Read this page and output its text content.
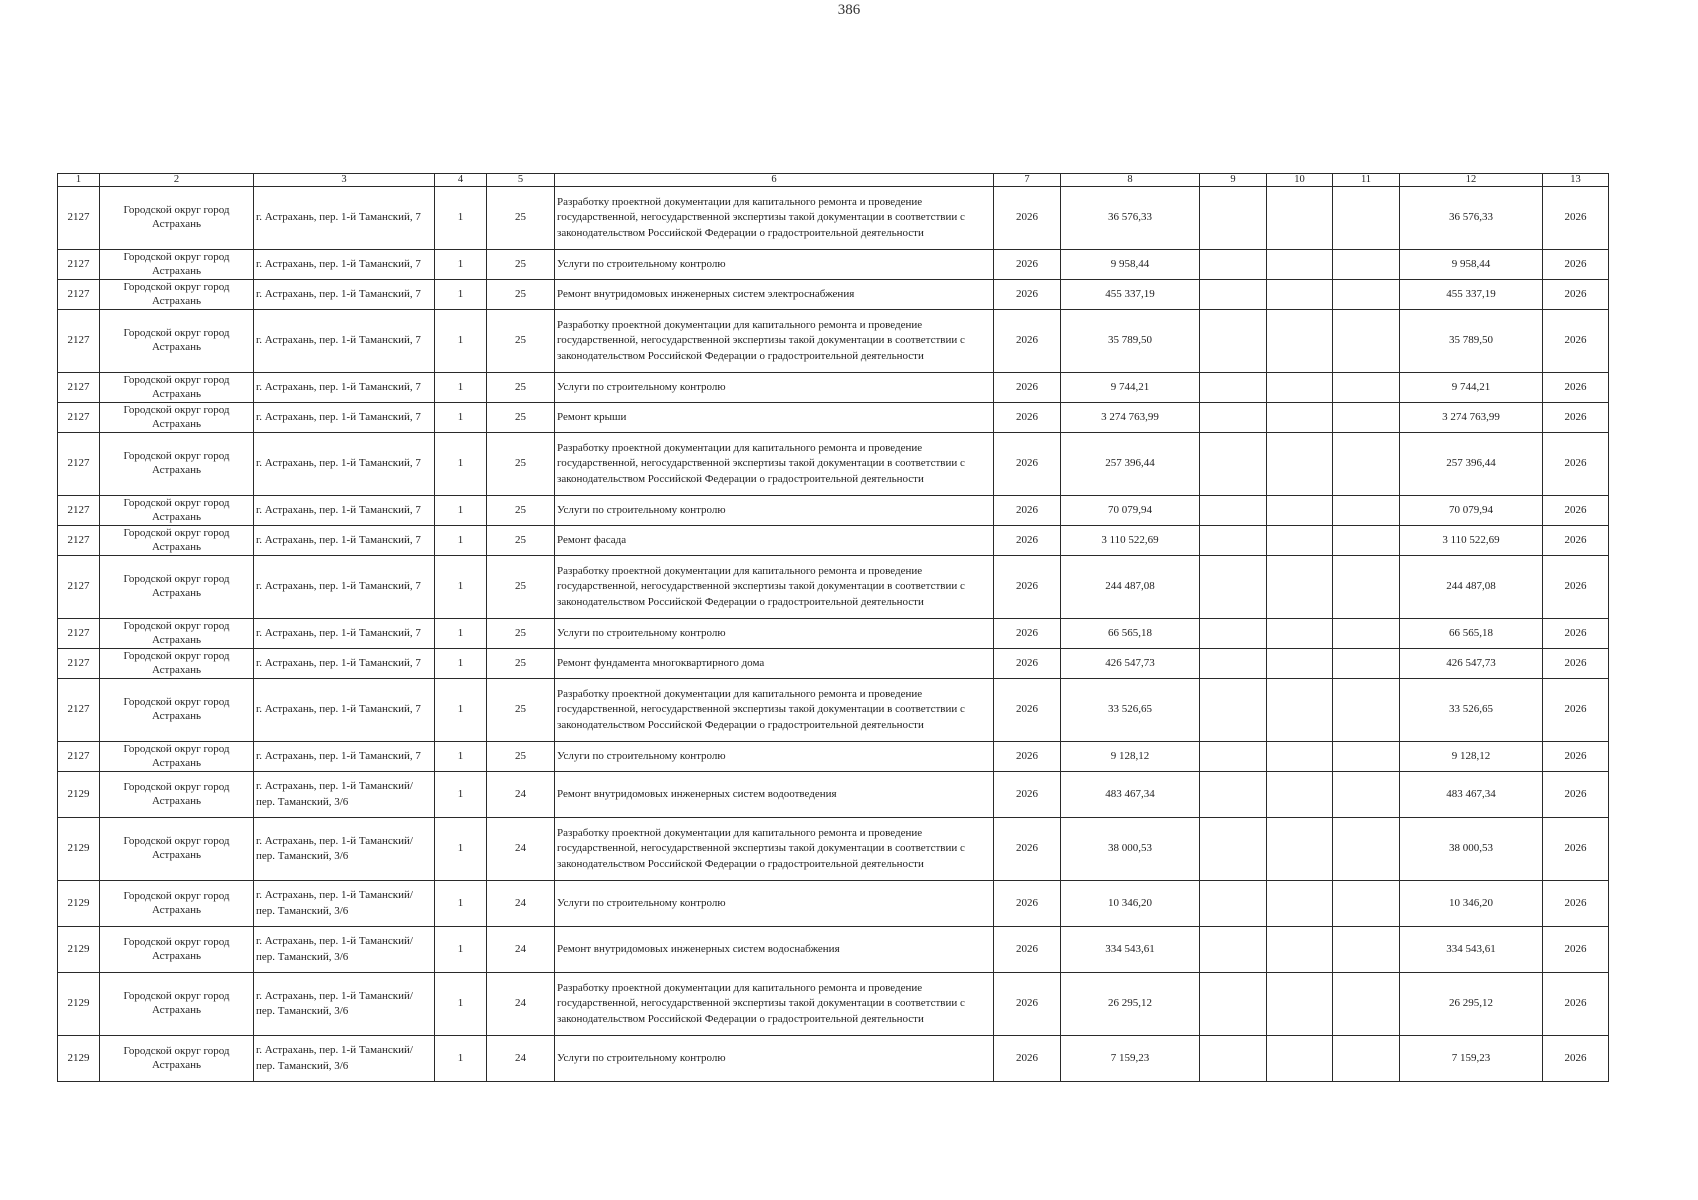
386
1	2	3	4	5	6	7	8	9	10	11	12	13
2127	Городской округ город Астрахань	г. Астрахань, пер. 1-й Таманский, 7	1	25	Разработку проектной документации для капитального ремонта и проведение государственной, негосударственной экспертизы такой документации в соответствии с законодательством Российской Федерации о градостроительной деятельности	2026	36 576,33				36 576,33	2026
2127	Городской округ город Астрахань	г. Астрахань, пер. 1-й Таманский, 7	1	25	Услуги по строительному контролю	2026	9 958,44				9 958,44	2026
2127	Городской округ город Астрахань	г. Астрахань, пер. 1-й Таманский, 7	1	25	Ремонт внутридомовых инженерных систем электроснабжения	2026	455 337,19				455 337,19	2026
2127	Городской округ город Астрахань	г. Астрахань, пер. 1-й Таманский, 7	1	25	Разработку проектной документации для капитального ремонта и проведение государственной, негосударственной экспертизы такой документации в соответствии с законодательством Российской Федерации о градостроительной деятельности	2026	35 789,50				35 789,50	2026
2127	Городской округ город Астрахань	г. Астрахань, пер. 1-й Таманский, 7	1	25	Услуги по строительному контролю	2026	9 744,21				9 744,21	2026
2127	Городской округ город Астрахань	г. Астрахань, пер. 1-й Таманский, 7	1	25	Ремонт крыши	2026	3 274 763,99				3 274 763,99	2026
2127	Городской округ город Астрахань	г. Астрахань, пер. 1-й Таманский, 7	1	25	Разработку проектной документации для капитального ремонта и проведение государственной, негосударственной экспертизы такой документации в соответствии с законодательством Российской Федерации о градостроительной деятельности	2026	257 396,44				257 396,44	2026
2127	Городской округ город Астрахань	г. Астрахань, пер. 1-й Таманский, 7	1	25	Услуги по строительному контролю	2026	70 079,94				70 079,94	2026
2127	Городской округ город Астрахань	г. Астрахань, пер. 1-й Таманский, 7	1	25	Ремонт фасада	2026	3 110 522,69				3 110 522,69	2026
2127	Городской округ город Астрахань	г. Астрахань, пер. 1-й Таманский, 7	1	25	Разработку проектной документации для капитального ремонта и проведение государственной, негосударственной экспертизы такой документации в соответствии с законодательством Российской Федерации о градостроительной деятельности	2026	244 487,08				244 487,08	2026
2127	Городской округ город Астрахань	г. Астрахань, пер. 1-й Таманский, 7	1	25	Услуги по строительному контролю	2026	66 565,18				66 565,18	2026
2127	Городской округ город Астрахань	г. Астрахань, пер. 1-й Таманский, 7	1	25	Ремонт фундамента многоквартирного дома	2026	426 547,73				426 547,73	2026
2127	Городской округ город Астрахань	г. Астрахань, пер. 1-й Таманский, 7	1	25	Разработку проектной документации для капитального ремонта и проведение государственной, негосударственной экспертизы такой документации в соответствии с законодательством Российской Федерации о градостроительной деятельности	2026	33 526,65				33 526,65	2026
2127	Городской округ город Астрахань	г. Астрахань, пер. 1-й Таманский, 7	1	25	Услуги по строительному контролю	2026	9 128,12				9 128,12	2026
2129	Городской округ город Астрахань	г. Астрахань, пер. 1-й Таманский/ пер. Таманский, 3/6	1	24	Ремонт внутридомовых инженерных систем водоотведения	2026	483 467,34				483 467,34	2026
2129	Городской округ город Астрахань	г. Астрахань, пер. 1-й Таманский/ пер. Таманский, 3/6	1	24	Разработку проектной документации для капитального ремонта и проведение государственной, негосударственной экспертизы такой документации в соответствии с законодательством Российской Федерации о градостроительной деятельности	2026	38 000,53				38 000,53	2026
2129	Городской округ город Астрахань	г. Астрахань, пер. 1-й Таманский/ пер. Таманский, 3/6	1	24	Услуги по строительному контролю	2026	10 346,20				10 346,20	2026
2129	Городской округ город Астрахань	г. Астрахань, пер. 1-й Таманский/ пер. Таманский, 3/6	1	24	Ремонт внутридомовых инженерных систем водоснабжения	2026	334 543,61				334 543,61	2026
2129	Городской округ город Астрахань	г. Астрахань, пер. 1-й Таманский/ пер. Таманский, 3/6	1	24	Разработку проектной документации для капитального ремонта и проведение государственной, негосударственной экспертизы такой документации в соответствии с законодательством Российской Федерации о градостроительной деятельности	2026	26 295,12				26 295,12	2026
2129	Городской округ город Астрахань	г. Астрахань, пер. 1-й Таманский/ пер. Таманский, 3/6	1	24	Услуги по строительному контролю	2026	7 159,23				7 159,23	2026
